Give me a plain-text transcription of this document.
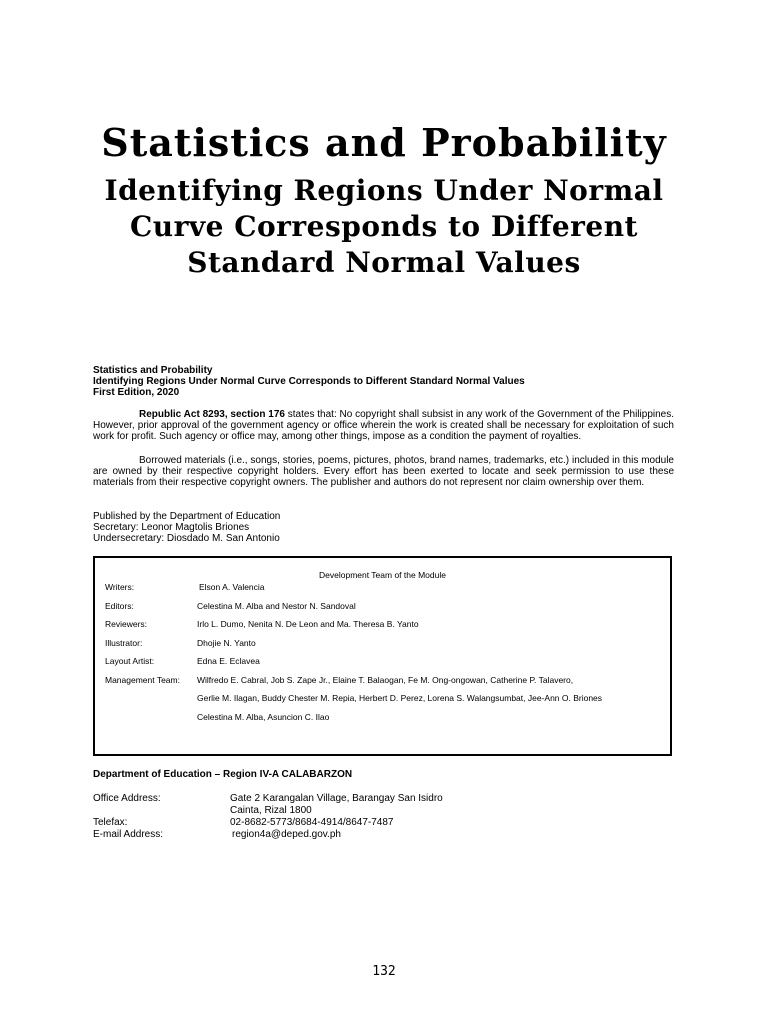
Statistics and Probability
Identifying Regions Under Normal Curve Corresponds to Different Standard Normal Values
Statistics and Probability
Identifying Regions Under Normal Curve Corresponds to Different Standard Normal Values
First Edition, 2020
Republic Act 8293, section 176 states that: No copyright shall subsist in any work of the Government of the Philippines. However, prior approval of the government agency or office wherein the work is created shall be necessary for exploitation of such work for profit. Such agency or office may, among other things, impose as a condition the payment of royalties.
Borrowed materials (i.e., songs, stories, poems, pictures, photos, brand names, trademarks, etc.) included in this module are owned by their respective copyright holders. Every effort has been exerted to locate and seek permission to use these materials from their respective copyright owners. The publisher and authors do not represent nor claim ownership over them.
Published by the Department of Education
Secretary: Leonor Magtolis Briones
Undersecretary: Diosdado M. San Antonio
Development Team of the Module
Writers:	Elson A. Valencia
Editors:	Celestina M. Alba and Nestor N. Sandoval
Reviewers:	Irlo L. Dumo, Nenita N. De Leon and Ma. Theresa B. Yanto
Illustrator:	Dhojie N. Yanto
Layout Artist:	Edna E. Eclavea
Management Team:	Wilfredo E. Cabral, Job S. Zape Jr., Elaine T. Balaogan, Fe M. Ong-ongowan, Catherine P. Talavero,
Gerlie M. Ilagan, Buddy Chester M. Repia, Herbert D. Perez, Lorena S. Walangsumbat, Jee-Ann O. Briones
Celestina M. Alba, Asuncion C. Ilao
Department of Education – Region IV-A CALABARZON
Office Address:	Gate 2 Karangalan Village, Barangay San Isidro
Cainta, Rizal 1800
Telefax:	02-8682-5773/8684-4914/8647-7487
E-mail Address:	region4a@deped.gov.ph
132
